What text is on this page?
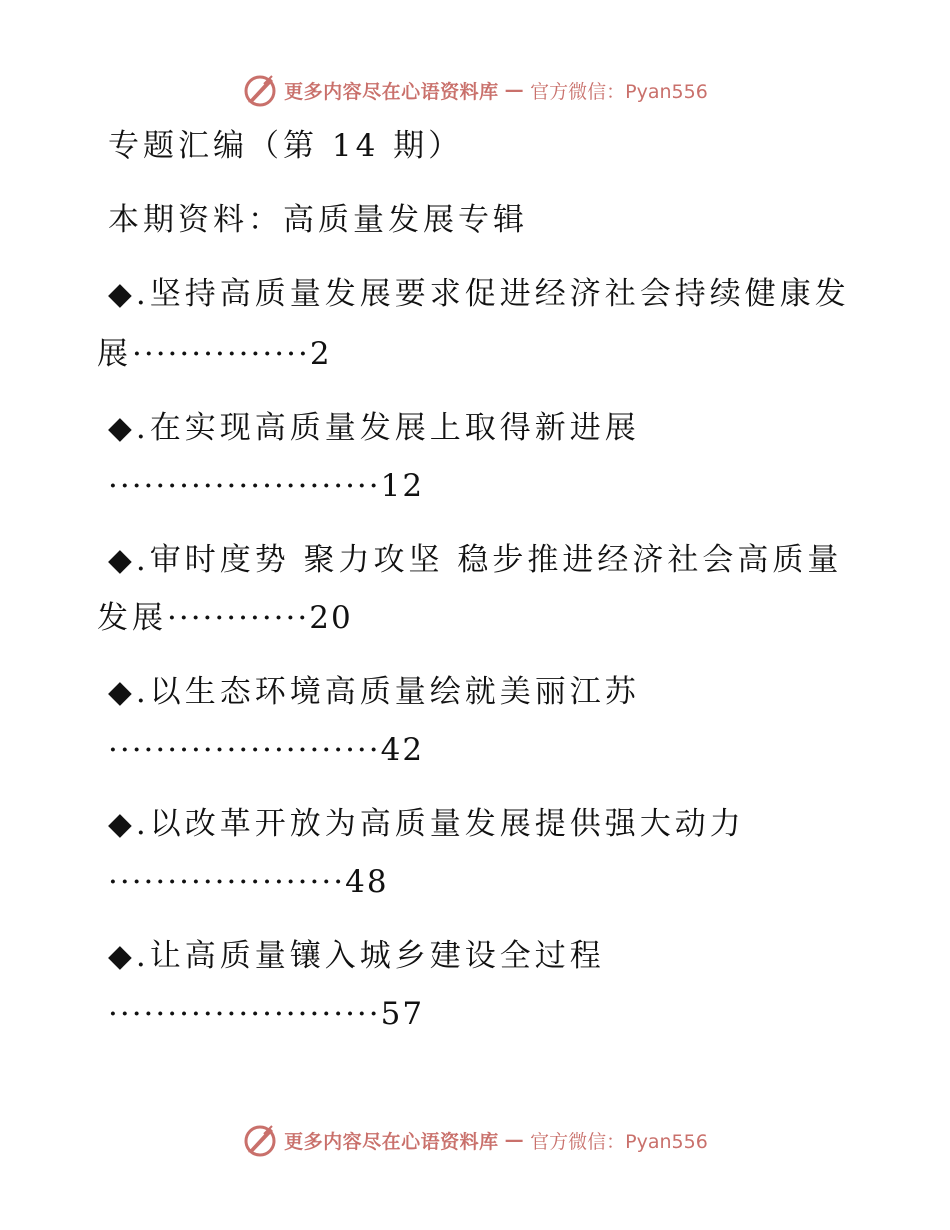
更多内容尽在心语资料库 — 官方微信：Pyan556
专题汇编（第 14 期）
本期资料：高质量发展专辑
◆.坚持高质量发展要求促进经济社会持续健康发
展···············2
◆.在实现高质量发展上取得新进展
·······················12
◆.审时度势 聚力攻坚 稳步推进经济社会高质量
发展············20
◆.以生态环境高质量绘就美丽江苏
·······················42
◆.以改革开放为高质量发展提供强大动力
····················48
◆.让高质量镶入城乡建设全过程
·······················57
更多内容尽在心语资料库 — 官方微信：Pyan556
